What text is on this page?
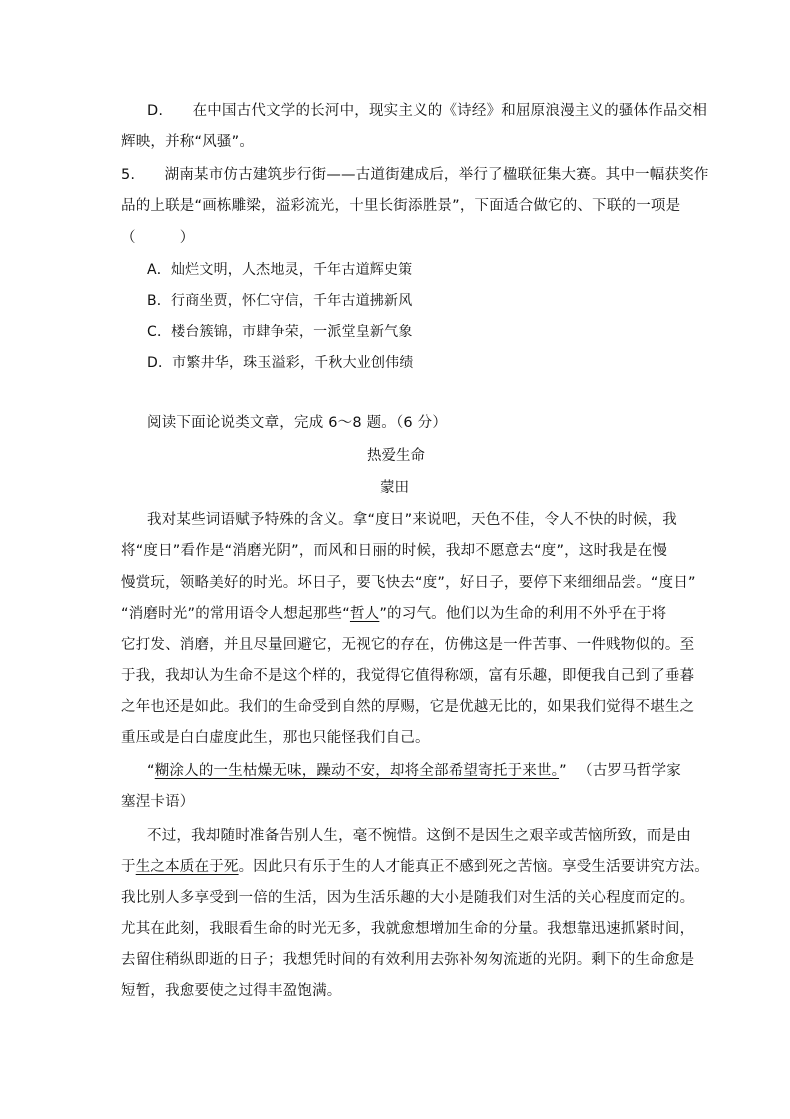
D.　　在中国古代文学的长河中，现实主义的《诗经》和屈原浪漫主义的骚体作品交相
辉映，并称“风骚”。
5.　　湖南某市仿古建筑步行街——古道街建成后，举行了楹联征集大赛。其中一幅获奖作
品的上联是“画栋雕梁，溢彩流光，十里长街添胜景”，下面适合做它的、下联的一项是
（　　　）
A．灿烂文明，人杰地灵，千年古道辉史策
B．行商坐贾，怀仁守信，千年古道拂新风
C．楼台簇锦，市肆争荣，一派堂皇新气象
D．市繁井华，珠玉溢彩，千秋大业创伟绩
阅读下面论说类文章，完成 6～8 题。（6 分）
热爱生命
蒙田
我对某些词语赋予特殊的含义。拿“度日”来说吧，天色不佳，令人不快的时候，我
将“度日”看作是“消磨光阴”，而风和日丽的时候，我却不愿意去“度”，这时我是在慢
慢赏玩，领略美好的时光。坏日子，要飞快去“度”，好日子，要停下来细细品尝。“度日”
“消磨时光”的常用语令人想起那些“哲人”的习气。他们以为生命的利用不外乎在于将
它打发、消磨，并且尽量回避它，无视它的存在，仿佛这是一件苦事、一件贱物似的。至
于我，我却认为生命不是这个样的，我觉得它值得称颂，富有乐趣，即便我自己到了垂暮
之年也还是如此。我们的生命受到自然的厚赐，它是优越无比的，如果我们觉得不堪生之
重压或是白白虚度此生，那也只能怪我们自己。
“糊涂人的一生枯燥无味，躁动不安，却将全部希望寄托于来世。” （古罗马哲学家
塞涅卡语）
不过，我却随时准备告别人生，毫不惋惜。这倒不是因生之艰辛或苦恼所致，而是由
于生之本质在于死。因此只有乐于生的人才能真正不感到死之苦恼。享受生活要讲究方法。
我比别人多享受到一倍的生活，因为生活乐趣的大小是随我们对生活的关心程度而定的。
尤其在此刻，我眼看生命的时光无多，我就愈想增加生命的分量。我想靠迅速抓紧时间，
去留住稍纵即逝的日子；我想凭时间的有效利用去弥补匆匆流逝的光阴。剩下的生命愈是
短暂，我愈要使之过得丰盈饱满。
